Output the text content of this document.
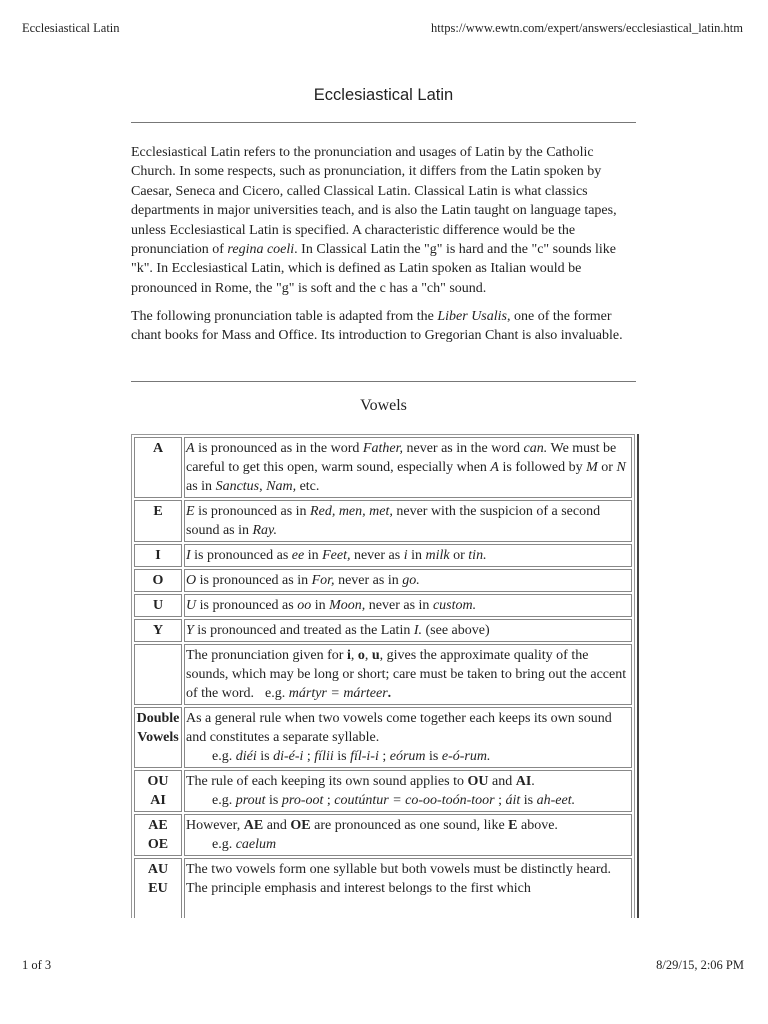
Ecclesiastical Latin	https://www.ewtn.com/expert/answers/ecclesiastical_latin.htm
Ecclesiastical Latin

Ecclesiastical Latin refers to the pronunciation and usages of Latin by the Catholic Church. In some respects, such as pronunciation, it differs from the Latin spoken by Caesar, Seneca and Cicero, called Classical Latin. Classical Latin is what classics departments in major universities teach, and is also the Latin taught on language tapes, unless Ecclesiastical Latin is specified. A characteristic difference would be the pronunciation of regina coeli. In Classical Latin the "g" is hard and the "c" sounds like "k". In Ecclesiastical Latin, which is defined as Latin spoken as Italian would be pronounced in Rome, the "g" is soft and the c has a "ch" sound.

The following pronunciation table is adapted from the Liber Usalis, one of the former chant books for Mass and Office. Its introduction to Gregorian Chant is also invaluable.

Vowels
A	A is pronounced as in the word Father, never as in the word can. We must be careful to get this open, warm sound, especially when A is followed by M or N as in Sanctus, Nam, etc.
E	E is pronounced as in Red, men, met, never with the suspicion of a second sound as in Ray.
I	I is pronounced as ee in Feet, never as i in milk or tin.
O	O is pronounced as in For, never as in go.
U	U is pronounced as oo in Moon, never as in custom.
Y	Y is pronounced and treated as the Latin I. (see above)
	The pronunciation given for i, o, u, gives the approximate quality of the sounds, which may be long or short; care must be taken to bring out the accent of the word. e.g. mártyr = márteer.
Double
Vowels	As a general rule when two vowels come together each keeps its own sound and constitutes a separate syllable.
e.g. diéi is di-é-i ; fílii is fíl-i-i ; eórum is e-ó-rum.

OU
AI	The rule of each keeping its own sound applies to OU and AI.
e.g. prout is pro-oot ; coutúntur = co-oo-toón-toor ; áit is ah-eet.

AE
OE	However, AE and OE are pronounced as one sound, like E above.
e.g. caelum

AU
EU	The two vowels form one syllable but both vowels must be distinctly heard. The principle emphasis and interest belongs to the first which
1 of 3	8/29/15, 2:06 PM
